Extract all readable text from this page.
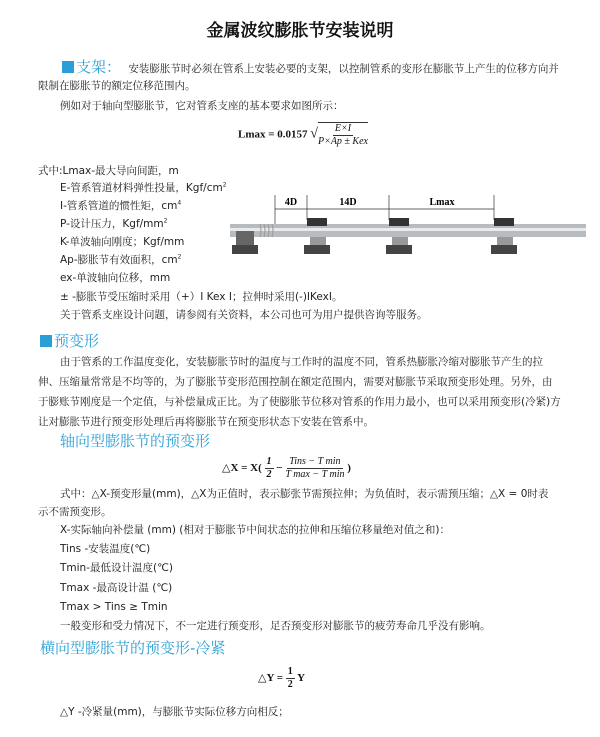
金属波纹膨胀节安装说明
支架： 安装膨胀节时必须在管系上安装必要的支架，以控制管系的变形在膨胀节上产生的位移方向并
限制在膨胀节的额定位移范围内。
例如对于轴向型膨胀节，它对管系支座的基本要求如图所示：
Lmax = 0.0157 √ $\frac{E\times I}{\text{P×Ap ± Kex}}$
式中:Lmax-最大导向间距，m
E-管系管道材料弹性投量，Kgf/$cm^2$
I-管系管道的惯性矩，$cm^4$
P-设计压力，Kgf/$mm^2$
K-单波轴向刚度；Kgf/mm
Ap-膨胀节有效面积，$cm^2$
ex-单波轴向位移，mm
± -膨胀节受压缩时采用（+）I Kex I；拉伸时采用(-)IKexI。
关于管系支座设计问题，请参阅有关资料，本公司也可为用户提供咨询等服务。
4D	14D	Lmax
预变形
由于管系的工作温度变化，安装膨胀节时的温度与工作时的温度不同，管系热膨胀冷缩对膨胀节产生的拉
伸、压缩量常常是不均等的，为了膨胀节变形范围控制在额定范围内，需要对膨胀节采取预变形处理。另外，由
于膨账节刚度是一个定值，与补偿量成正比。为了使膨胀节位移对管系的作用力最小，也可以采用预变形(冷紧)方
让对膨胀节进行预变形处理后再将膨胀节在预变形状态下安装在管系中。
轴向型膨胀节的预变形
△X = $X( \frac{1}{2} - \frac{\text{Tins − T min}}{\text{T max − T min}}$ )
式中：△X-预变形量(mm)，△X为正值时，表示膨张节需预拉伸；为负值时，表示需预压缩；△X = 0时表
示不需预变形。
X-实际轴向补偿量 (mm) (相对于膨胀节中间状态的拉伸和压缩位移量绝对值之和)：
Tins -安装温度(℃)
Tmin-最低设计温度(℃)
Tmax -最高设计温 (℃)
Tmax > Tins ≥ Tmin
一般变形和受力情况下，不一定进行预变形，足否预变形对膨胀节的疲劳寿命几乎没有影响。
横向型膨胀节的预变形-冷紧
△Y = $\frac{1}{2}$ Y
△Y -冷紧量(mm)，与膨胀节实际位移方向相反；
